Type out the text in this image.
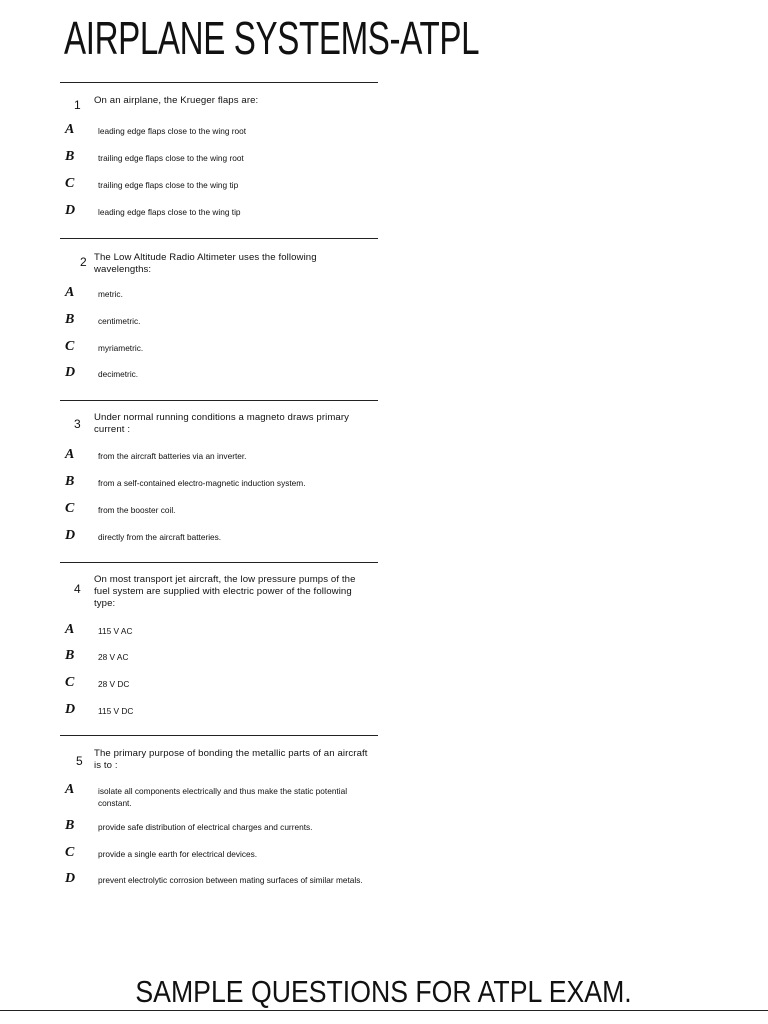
AIRPLANE SYSTEMS-ATPL
1 On an airplane, the Krueger flaps are:
A	leading edge flaps close to the wing root
B	trailing edge flaps close to the wing root
C	trailing edge flaps close to the wing tip
D	leading edge flaps close to the wing tip
2 The Low Altitude Radio Altimeter uses the following wavelengths:
A	metric.
B	centimetric.
C	myriametric.
D	decimetric.
3 Under normal running conditions a magneto draws primary current :
A	from the aircraft batteries via an inverter.
B	from a self-contained electro-magnetic induction system.
C	from the booster coil.
D	directly from the aircraft batteries.
4
On most transport jet aircraft, the low pressure pumps of the fuel system are supplied with electric power of the following type:
A	115 V AC
B	28 V AC
C	28 V DC
D	115 V DC
5
The primary purpose of bonding the metallic parts of an aircraft is to :
A	isolate all components electrically and thus make the static potential constant.
B	provide safe distribution of electrical charges and currents.
C	provide a single earth for electrical devices.
D	prevent electrolytic corrosion between mating surfaces of similar metals.
SAMPLE QUESTIONS FOR ATPL EXAM.
